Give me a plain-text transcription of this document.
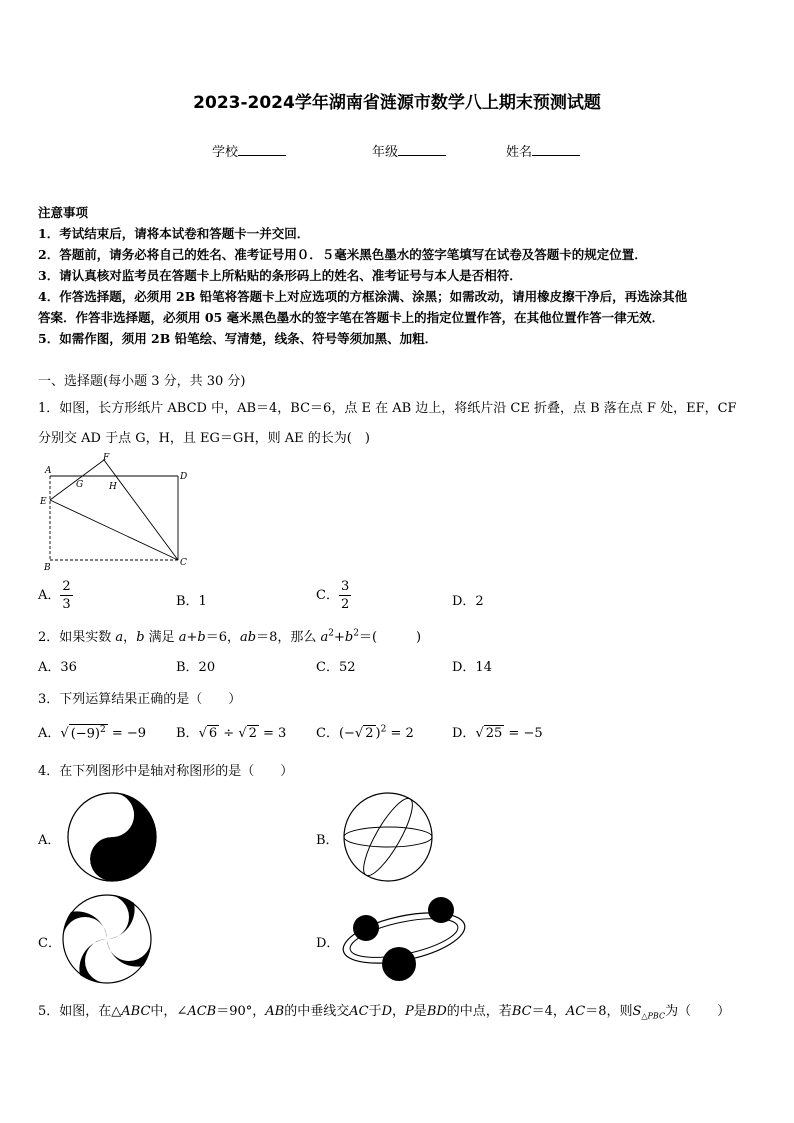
2023-2024学年湖南省涟源市数学八上期末预测试题
学校	年级	姓名
注意事项
1．考试结束后，请将本试卷和答题卡一并交回．
2．答题前，请务必将自己的姓名、准考证号用０．５毫米黑色墨水的签字笔填写在试卷及答题卡的规定位置．
3．请认真核对监考员在答题卡上所粘贴的条形码上的姓名、准考证号与本人是否相符．
4．作答选择题，必须用 2B 铅笔将答题卡上对应选项的方框涂满、涂黑；如需改动，请用橡皮擦干净后，再选涂其他
答案．作答非选择题，必须用 05 毫米黑色墨水的签字笔在答题卡上的指定位置作答，在其他位置作答一律无效．
5．如需作图，须用 2B 铅笔绘、写清楚，线条、符号等须加黑、加粗．
一、选择题(每小题 3 分，共 30 分)
1．如图，长方形纸片 ABCD 中，AB＝4，BC＝6，点 E 在 AB 边上，将纸片沿 CE 折叠，点 B 落在点 F 处，EF，CF
分别交 AD 于点 G，H，且 EG＝GH，则 AE 的长为(　)
A
B	C
D
E
F
G	H
A． $\frac{2}{3}$	B．1	C． $\frac{3}{2}$	D．2
2．如果实数 a，b 满足 a+b＝6，ab＝8，那么 $a^2+b^2=$(　　　)
A．36	B．20	C．52	D．14
3．下列运算结果正确的是（　　）
A．√ $(-9)^2 = -9$ B．√ 6 ÷ √ 2 = 3 C．(−√ 2 )$^2$ = 2	D．√ 25 = −5
4．在下列图形中是轴对称图形的是（　　）
A．	B．
C．	D．
5．如图，在△ABC中，∠ACB＝90°，AB的中垂线交AC于D，P是BD的中点，若BC＝4，AC＝8，则$S_{\triangle PBC}$为（　　）
